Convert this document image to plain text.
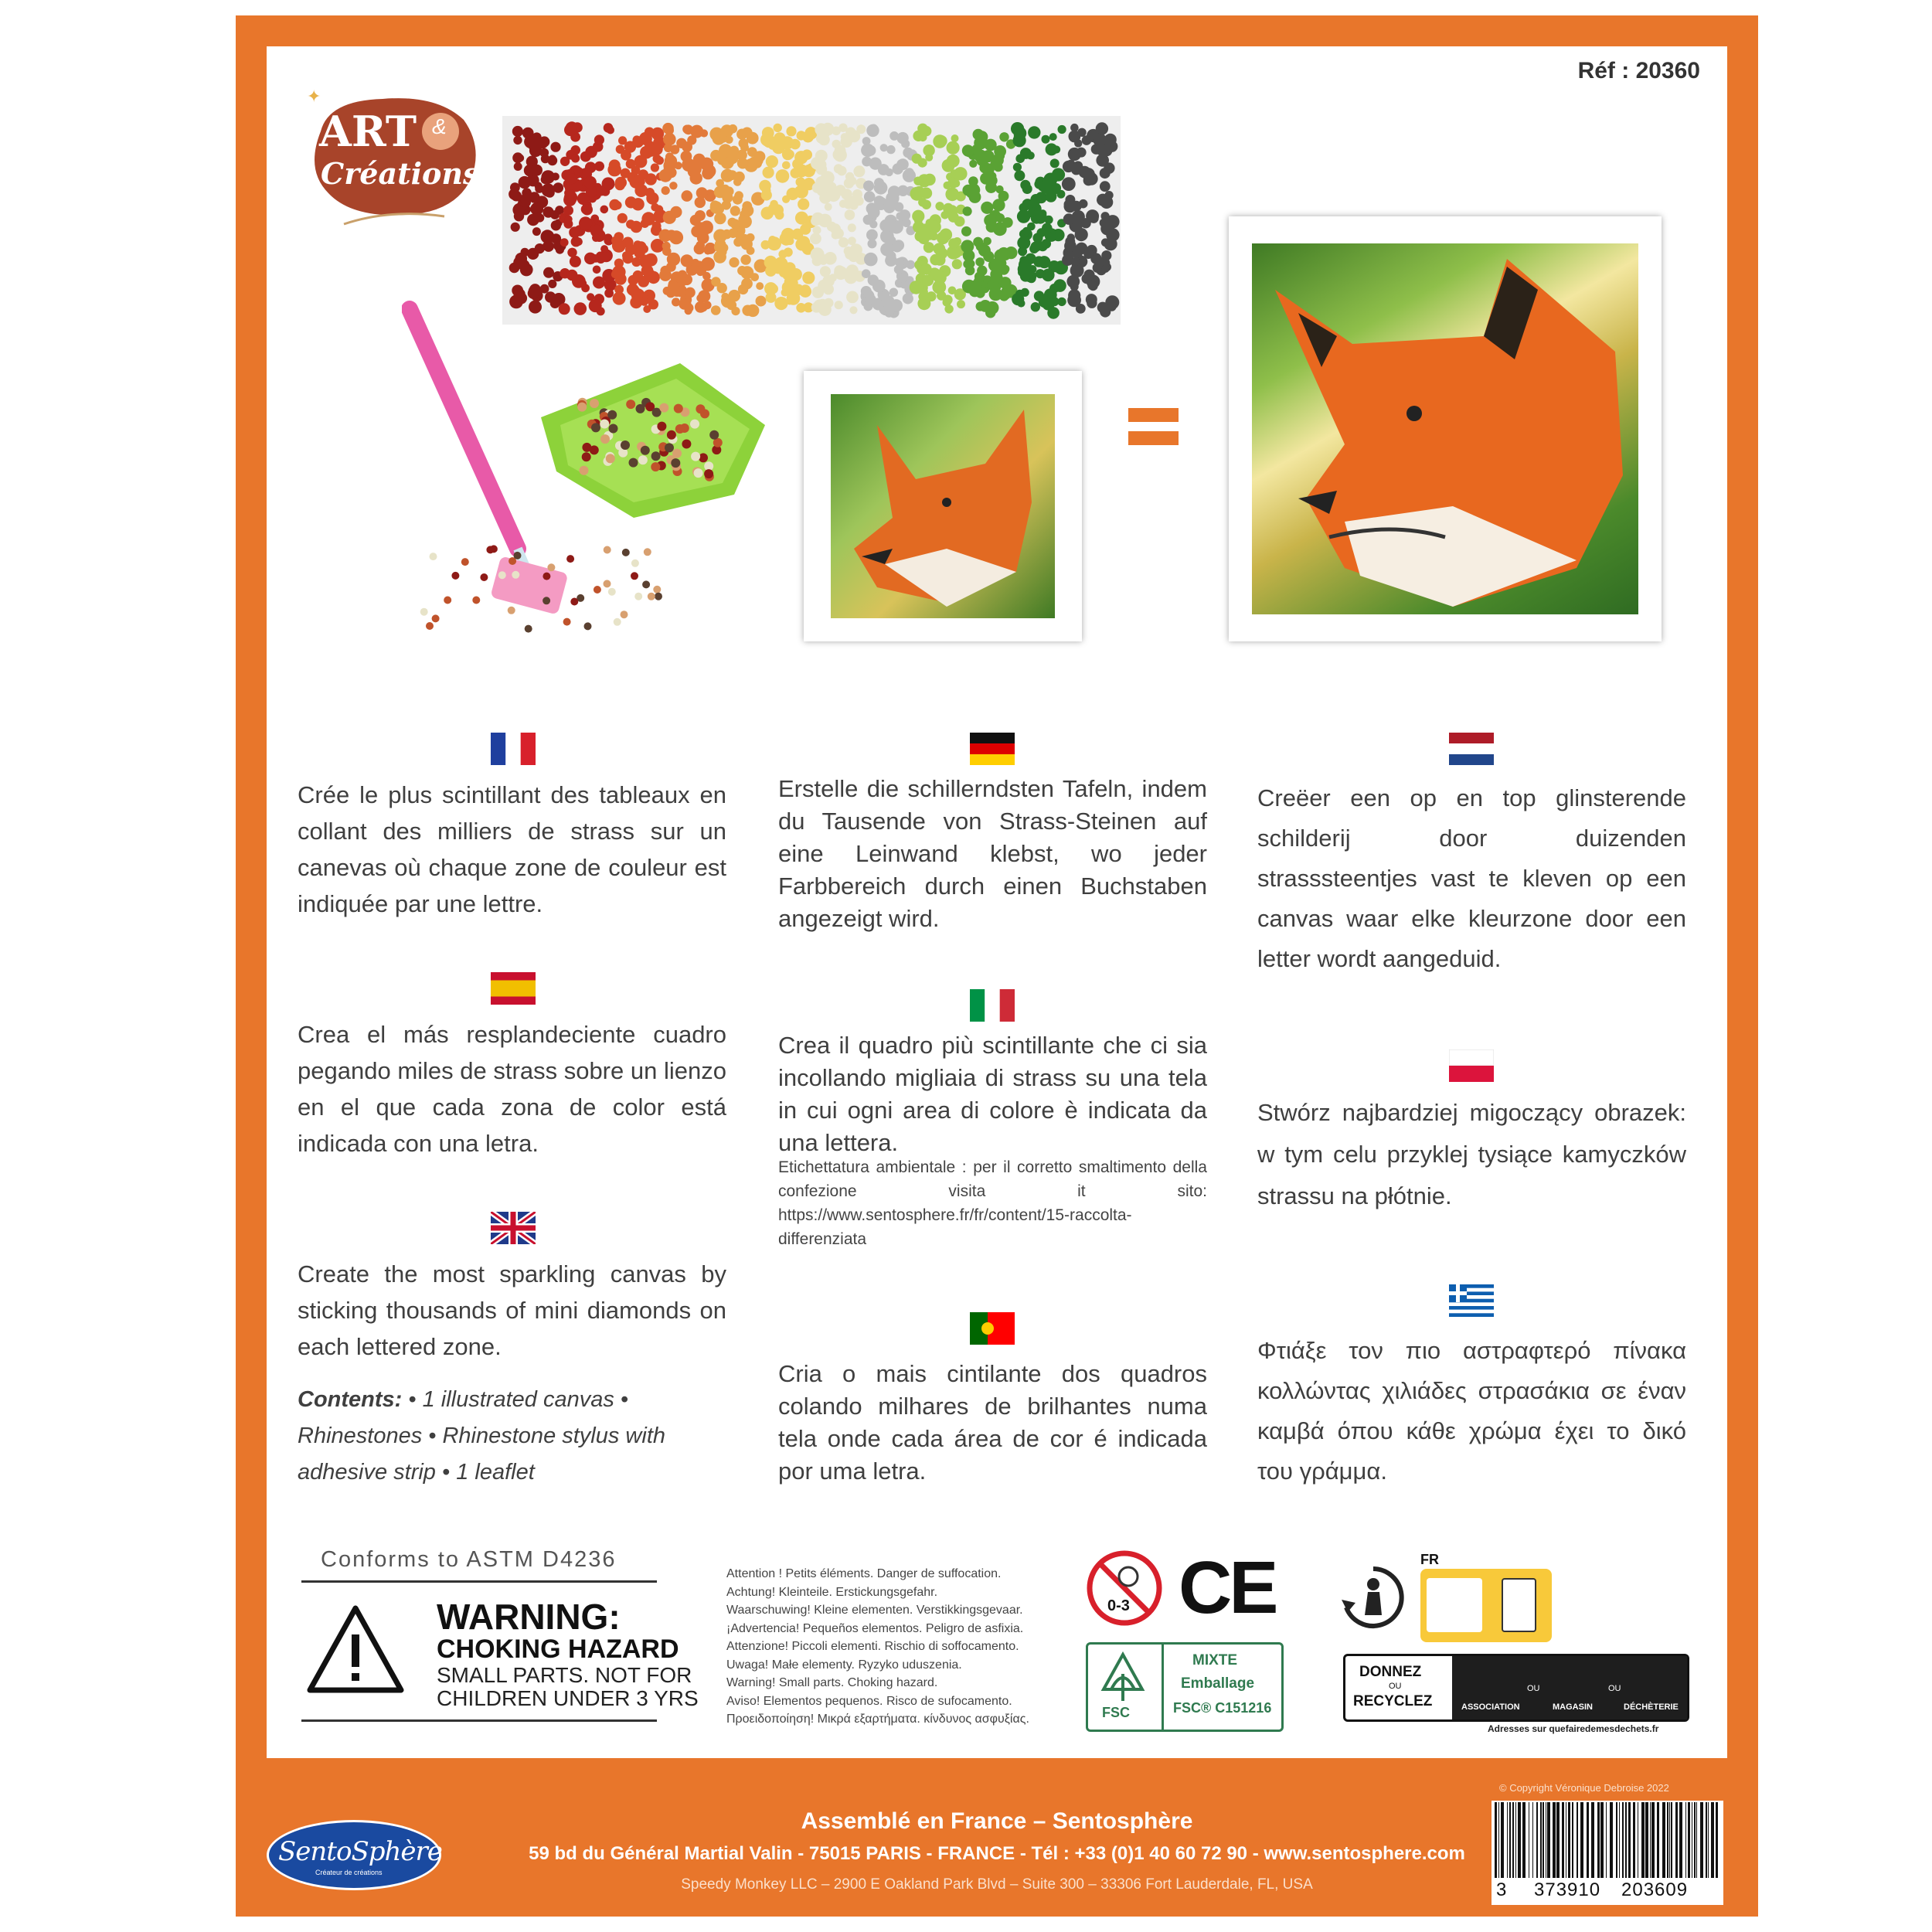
Réf : 20360
✦
ART &
Créations
Crée le plus scintillant des tableaux en collant des milliers de strass sur un canevas où chaque zone de couleur est indiquée par une lettre.
Crea el más resplandeciente cuadro pegando miles de strass sobre un lienzo en el que cada zona de color está indicada con una letra.
Create the most sparkling canvas by sticking thousands of mini diamonds on each lettered zone.
Contents: • 1 illustrated canvas • Rhinestones • Rhinestone stylus with adhesive strip • 1 leaflet
Erstelle die schillerndsten Tafeln, indem du Tausende von Strass-Steinen auf eine Leinwand klebst, wo jeder Farbbereich durch einen Buchstaben angezeigt wird.
Crea il quadro più scintillante che ci sia incollando migliaia di strass su una tela in cui ogni area di colore è indicata da una lettera.
Etichettatura ambientale : per il corretto smaltimento della confezione visita it sito: https://www.sentosphere.fr/fr/content/15-raccolta-differenziata
Cria o mais cintilante dos quadros colando milhares de brilhantes numa tela onde cada área de cor é indicada por uma letra.
Creëer een op en top glinsterende schilderij door duizenden strasssteentjes vast te kleven op een canvas waar elke kleurzone door een letter wordt aangeduid.
Stwórz najbardziej migoczący obrazek: w tym celu przyklej tysiące kamyczków strassu na płótnie.
Φτιάξε τον πιο αστραφτερό πίνακα κολλώντας χιλιάδες στρασάκια σε έναν καμβά όπου κάθε χρώμα έχει το δικό του γράμμα.
Conforms to ASTM D4236
WARNING:
CHOKING HAZARD
SMALL PARTS. NOT FOR
CHILDREN UNDER 3 YRS
Attention ! Petits éléments. Danger de suffocation.
Achtung! Kleinteile. Erstickungsgefahr.
Waarschuwing! Kleine elementen. Verstikkingsgevaar.
¡Advertencia! Pequeños elementos. Peligro de asfixia.
Attenzione! Piccoli elementi. Rischio di soffocamento.
Uwaga! Małe elementy. Ryzyko uduszenia.
Warning! Small parts. Choking hazard.
Aviso! Elementos pequenos. Risco de sufocamento.
Προειδοποίηση! Μικρά εξαρτήματα. κίνδυνος ασφυξίας.
0-3 CE
FSC
MIXTE
Emballage
FSC® C151216
FR
DONNEZ
OU
RECYCLEZ	ASSOCIATION
OU
MAGASIN
OU
DÉCHÈTERIE
Adresses sur quefairedemesdechets.fr
SentoSphère
Créateur de créations
Assemblé en France – Sentosphère
59 bd du Général Martial Valin - 75015 PARIS - FRANCE - Tél : +33 (0)1 40 60 72 90 - www.sentosphere.com
Speedy Monkey LLC – 2900 E Oakland Park Blvd – Suite 300 – 33306 Fort Lauderdale, FL, USA
© Copyright Véronique Debroise 2022
3 373910 203609
